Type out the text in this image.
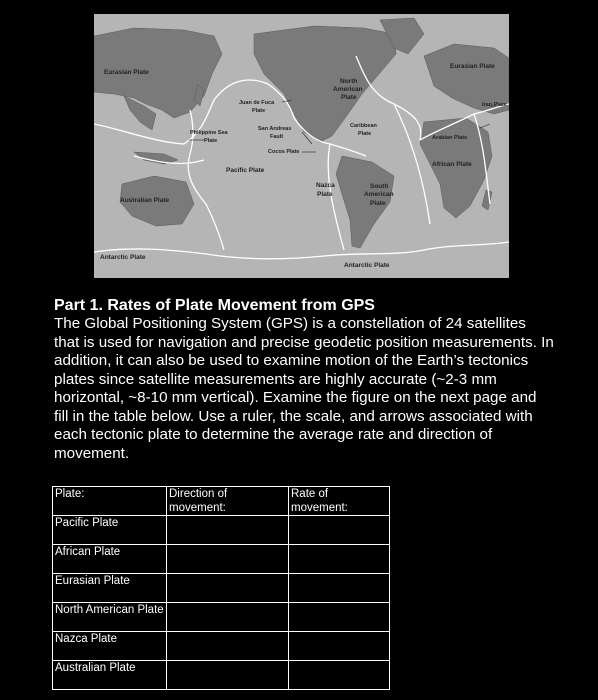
Eurasian Plate
Eurasian Plate
North
American
Plate
Juan de Fuca
Plate
Iran Plate
Arabian Plate
African Plate
Caribbean
Plate
Philippine Sea
Plate
San Andreas
Fault
Cocos Plate
Pacific Plate
Nazca
Plate
South
American
Plate
Australian Plate
Antarctic Plate
Antarctic Plate

Part 1. Rates of Plate Movement from GPS

The Global Positioning System (GPS) is a constellation of 24 satellites that is used for navigation and precise geodetic position measurements. In addition, it can also be used to examine motion of the Earth’s tectonics plates since satellite measurements are highly accurate (~2-3 mm horizontal, ~8-10 mm vertical). Examine the figure on the next page and fill in the table below. Use a ruler, the scale, and arrows associated with each tectonic plate to determine the average rate and direction of movement.

Plate:	Direction of movement:	Rate of movement:
Pacific Plate		
African Plate		
Eurasian Plate		
North American Plate		
Nazca Plate		
Australian Plate		
